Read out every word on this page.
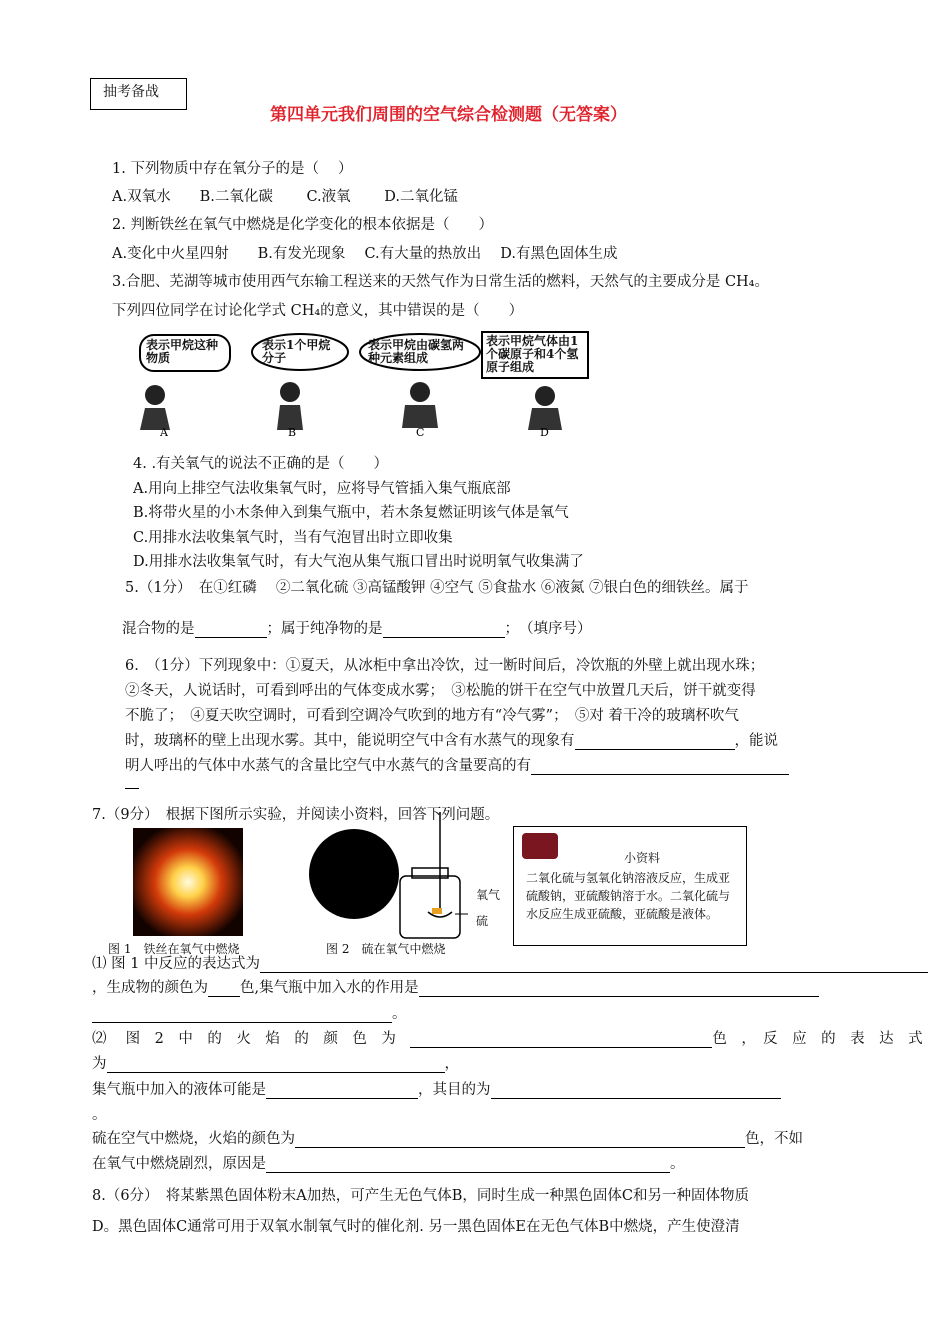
抽考备战
第四单元我们周围的空气综合检测题（无答案）
1. 下列物质中存在氧分子的是（　 ）
A.双氧水　　B.二氧化碳　　 C.液氧　　 D.二氧化锰
2. 判断铁丝在氧气中燃烧是化学变化的根本依据是（　　）
A.变化中火星四射　　B.有发光现象　 C.有大量的热放出　 D.有黑色固体生成
3.合肥、芜湖等城市使用西气东输工程送来的天然气作为日常生活的燃料，天然气的主要成分是 CH₄。
下列四位同学在讨论化学式 CH₄的意义，其中错误的是（　　）
A	B	C	D
表示甲烷这种物质
表示1个甲烷分子
表示甲烷由碳氢两种元素组成
表示甲烷气体由1个碳原子和4个氢原子组成
4. .有关氧气的说法不正确的是（　　）
A.用向上排空气法收集氧气时，应将导气管插入集气瓶底部
B.将带火星的小木条伸入到集气瓶中，若木条复燃证明该气体是氧气
C.用排水法收集氧气时，当有气泡冒出时立即收集
D.用排水法收集氧气时，有大气泡从集气瓶口冒出时说明氧气收集满了
5.（1分）　在①红磷　 ②二氧化硫 ③高锰酸钾 ④空气 ⑤食盐水 ⑥液氮 ⑦银白色的细铁丝。属于
混合物的是	；属于纯净物的是	；　（填序号）
6.　（1分）下列现象中：①夏天，从冰柜中拿出冷饮，过一断时间后，冷饮瓶的外壁上就出现水珠；
②冬天，人说话时，可看到呼出的气体变成水雾；　③松脆的饼干在空气中放置几天后，饼干就变得
不脆了；　④夏天吹空调时，可看到空调冷气吹到的地方有“冷气雾”；　⑤对 着干冷的玻璃杯吹气
时，玻璃杯的壁上出现水雾。其中，能说明空气中含有水蒸气的现象有	，能说
明人呼出的气体中水蒸气的含量比空气中水蒸气的含量要高的有
7.（9分）　根据下图所示实验，并阅读小资料，回答下列问题。
图 1　铁丝在氧气中燃烧
氧气
硫
图 2　硫在氧气中燃烧
小资料
二氧化硫与氢氧化钠溶液反应，生成亚硫酸钠，亚硫酸钠溶于水。二氧化硫与水反应生成亚硫酸，亚硫酸是液体。
⑴ 图 1 中反应的表达式为
，生成物的颜色为 色,集气瓶中加入水的作用是
。
⑵　 图　2　中　的　火　焰　的　颜　色　为　	色　，　反　应　的　表　达　式
为	，
集气瓶中加入的液体可能是	，其目的为
。
硫在空气中燃烧，火焰的颜色为	色，不如
在氧气中燃烧剧烈，原因是	。
8.（6分）　将某紫黑色固体粉末A加热，可产生无色气体B，同时生成一种黑色固体C和另一种固体物质
D。黑色固体C通常可用于双氧水制氧气时的催化剂. 另一黑色固体E在无色气体B中燃烧，产生使澄清
